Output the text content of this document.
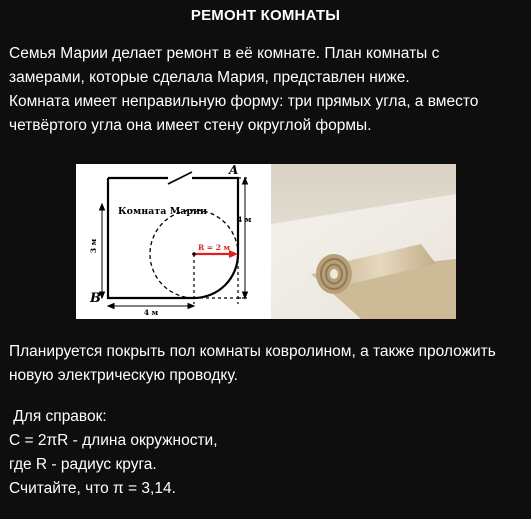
РЕМОНТ КОМНАТЫ
Семья Марии делает ремонт в её комнате. План комнаты с
замерами, которые сделала Мария, представлен ниже.
Комната имеет неправильную форму: три прямых угла, а вместо
четвёртого угла она имеет стену округлой формы.
Комната Марии
A
B
3 м
4 м
4 м
R = 2 м
Планируется покрыть пол комнаты ковролином, а также проложить
новую электрическую проводку.
Для справок:
C = 2πR - длина окружности,
где R - радиус круга.
Считайте, что π = 3,14.
